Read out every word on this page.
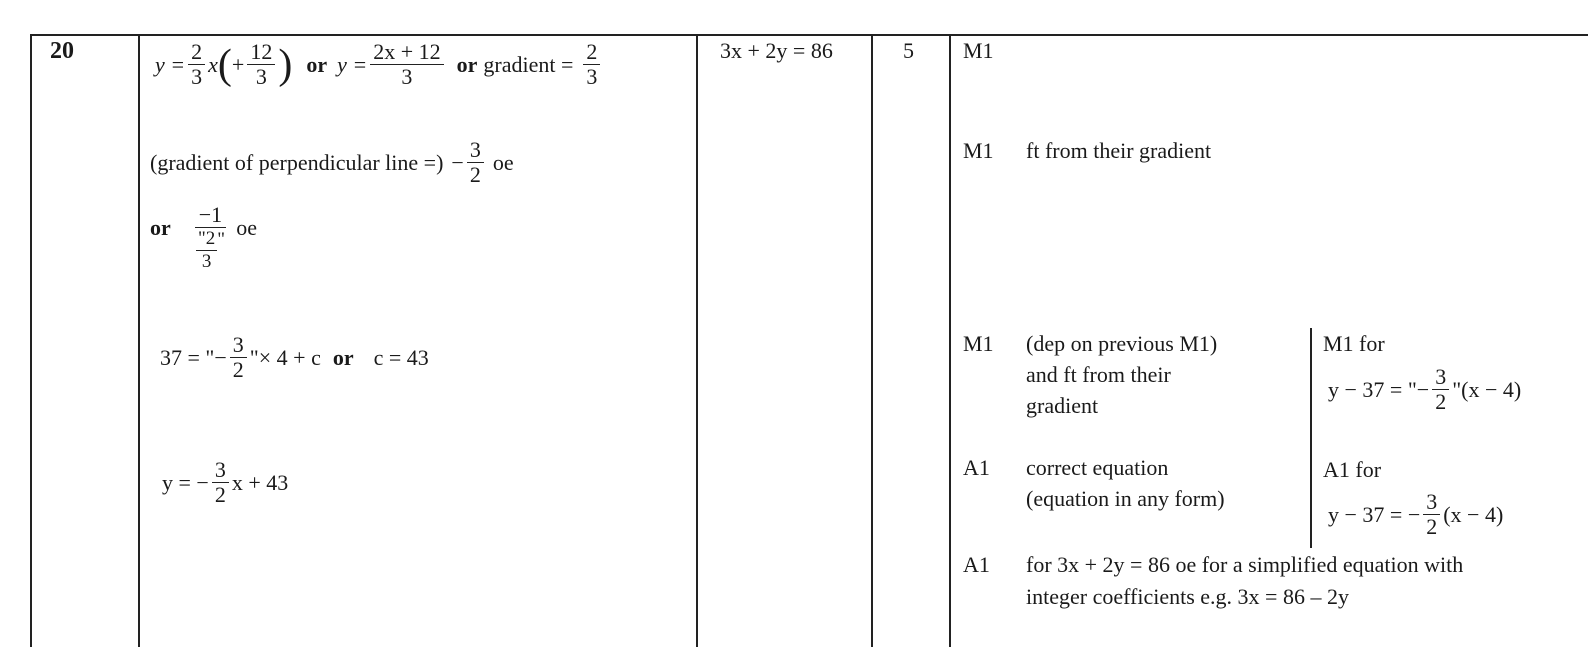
20	3x + 2y = 86	5
$y = \frac{2}{3}$ x ( + $\frac{12}{3}$ ) or $y = \frac{2x + 12}{3}$ or gradient = $\frac{2}{3}$
(gradient of perpendicular line =) − $\frac{3}{2}$ oe
or $\frac{-1}{\frac{"2}{3} "}$ oe
37 = "− $\frac{3}{2}$ "× 4 + c or c = 43
y = − $\frac{3}{2}$ x + 43
M1
M1 ft from their gradient
M1 (dep on previous M1)
and ft from their
gradient
M1 for
y − 37 = "− $\frac{3}{2}$ "(x − 4)
A1 correct equation
(equation in any form)
A1 for
y − 37 = − $\frac{3}{2} (x - 4)$
A1 for 3x + 2y = 86 oe for a simplified equation with
integer coefficients e.g. 3x = 86 – 2y
